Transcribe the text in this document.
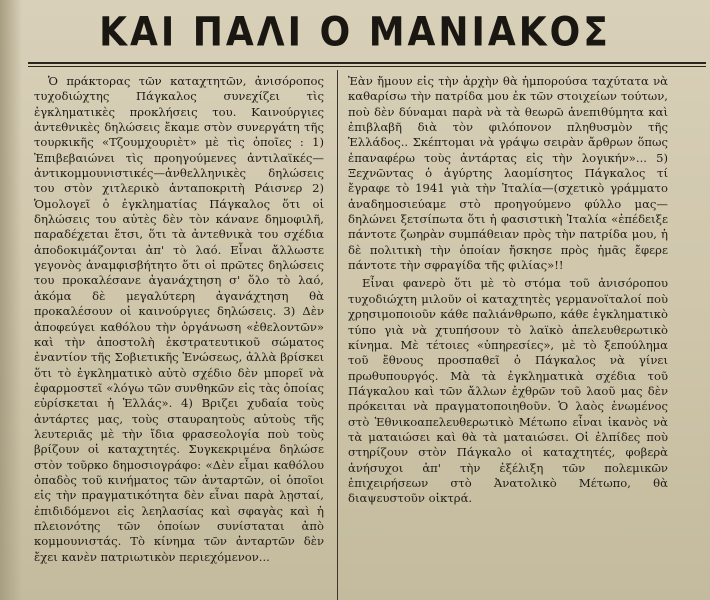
ΚΑΙ ΠΑΛΙ Ο ΜΑΝΙΑΚΟΣ

Ὁ πράκτορας τῶν καταχτητῶν, ἀνισόροπος τυχοδιώχτης Πάγκαλος συνεχίζει τὶς ἐγκληματικὲς προκλήσεις του. Καινούργιες ἀντεθνικὲς δηλώσεις ἔκαμε στὸν συνεργάτη τῆς τουρκικῆς «Τζουμχουριὲτ» μὲ τὶς ὁποῖες : 1) Ἐπιβεβαιώνει τὶς προηγούμενες ἀντιλαϊκές—ἀντικομμουνιστικές—ἀνθελληνικὲς δηλώσεις του στὸν χιτλερικὸ ἀνταποκριτὴ Ράισνερ 2) Ὁμολογεῖ ὁ ἐγκληματίας Πάγκαλος ὅτι οἱ δηλώσεις του αὐτὲς δὲν τὸν κάνανε δημοφιλῆ, παραδέχεται ἔτσι, ὅτι τὰ ἀντεθνικὰ του σχέδια ἀποδοκιμάζονται ἀπ' τὸ λαό. Εἶναι ἄλλωστε γεγονὸς ἀναμφισβήτητο ὅτι οἱ πρῶτες δηλώσεις του προκαλέσανε ἀγανάχτηση σ' ὅλο τὸ λαό, ἀκόμα δὲ μεγαλύτερη ἀγανάχτηση θὰ προκαλέσουν οἱ καινούργιες δηλώσεις. 3) Δὲν ἀποφεύγει καθόλου τὴν ὀργάνωση «ἐθελοντῶν» καὶ τὴν ἀποστολὴ ἐκστρατευτικοῦ σώματος ἐναντίον τῆς Σοβιετικῆς Ἑνώσεως, ἀλλὰ βρίσκει ὅτι τὸ ἐγκληματικὸ αὐτὸ σχέδιο δὲν μπορεῖ νὰ ἐφαρμοστεῖ «λόγω τῶν συνθηκῶν εἰς τὰς ὁποίας εὑρίσκεται ἡ Ἑλλάς». 4) Βριζει χυδαία τοὺς ἀντάρτες μας, τοὺς σταυραητοὺς αὐτοὺς τῆς λευτεριᾶς μὲ τὴν ἴδια φρασεολογία ποὺ τοὺς βρίζουν οἱ καταχτητές. Συγκεκριμένα δηλώσε στὸν τοῦρκο δημοσιογράφο: «Δὲν εἶμαι καθόλου ὀπαδὸς τοῦ κινήματος τῶν ἀνταρτῶν, οἱ ὁποῖοι εἰς τὴν πραγματικότητα δὲν εἶναι παρὰ λῃσταί, ἐπιδιδόμενοι εἰς λεηλασίας καὶ σφαγὰς καὶ ἡ πλειονότης τῶν ὁποίων συνίσταται ἀπὸ κομμουνιστάς. Τὸ κίνημα τῶν ἀνταρτῶν δὲν ἔχει κανὲν πατριωτικὸν περιεχόμενον...

Ἐὰν ἤμουν εἰς τὴν ἀρχὴν θὰ ἠμπορούσα ταχύτατα νὰ καθαρίσω τὴν πατρίδα μου ἐκ τῶν στοιχείων τούτων, ποὺ δὲν δύναμαι παρὰ νὰ τὰ θεωρῶ ἀνεπιθύμητα καὶ ἐπιβλαβῆ διὰ τὸν φιλόπονον πληθυσμὸν τῆς Ἑλλάδος.. Σκέπτομαι νὰ γράψω σειρὰν ἄρθρων ὅπως ἐπαναφέρω τοὺς ἀντάρτας εἰς τὴν λογικήν»... 5) Ξεχνῶντας ὁ ἀγύρτης λαομίσητος Πάγκαλος τί ἔγραφε τὸ 1941 γιὰ τὴν Ἰταλία—(σχετικὸ γράμματο ἀναδημοσιεύαμε στὸ προηγούμενο φύλλο μας—δηλώνει ξετσίπωτα ὅτι ἡ φασιστικὴ Ἰταλία «ἐπέδειξε πάντοτε ζωηρὰν συμπάθειαν πρὸς τὴν πατρίδα μου, ἡ δὲ πολιτικὴ τὴν ὁποίαν ἤσκησε πρὸς ἡμᾶς ἔφερε πάντοτε τὴν σφραγίδα τῆς φιλίας»!!

Εἶναι φανερὸ ὅτι μὲ τὸ στόμα τοῦ ἀνισόροπου τυχοδιώχτη μιλοῦν οἱ καταχτητὲς γερμανοϊταλοί ποὺ χρησιμοποιοῦν κάθε παλιάνθρωπο, κάθε ἐγκληματικὸ τύπο γιὰ νὰ χτυπήσουν τὸ λαϊκὸ ἀπελευθερωτικὸ κίνημα. Μὲ τέτοιες «ὑπηρεσίες», μὲ τὸ ξεπούλημα τοῦ ἔθνους προσπαθεῖ ὁ Πάγκαλος νὰ γίνει πρωθυπουργός. Μὰ τὰ ἐγκληματικὰ σχέδια τοῦ Πάγκαλου καὶ τῶν ἄλλων ἐχθρῶν τοῦ λαοῦ μας δὲν πρόκειται νὰ πραγματοποιηθοῦν. Ὁ λαὸς ἑνωμένος στὸ Ἐθνικοαπελευθερωτικὸ Μέτωπο εἶναι ἱκανὸς νὰ τὰ ματαιώσει καὶ θὰ τὰ ματαιώσει. Οἱ ἐλπίδες ποὺ στηρίζουν στὸν Πάγκαλο οἱ καταχτητές, φοβερὰ ἀνήσυχοι ἀπ' τὴν ἐξέλιξη τῶν πολεμικῶν ἐπιχειρήσεων στὸ Ἀνατολικὸ Μέτωπο, θὰ διαψευστοῦν οἰκτρά.
